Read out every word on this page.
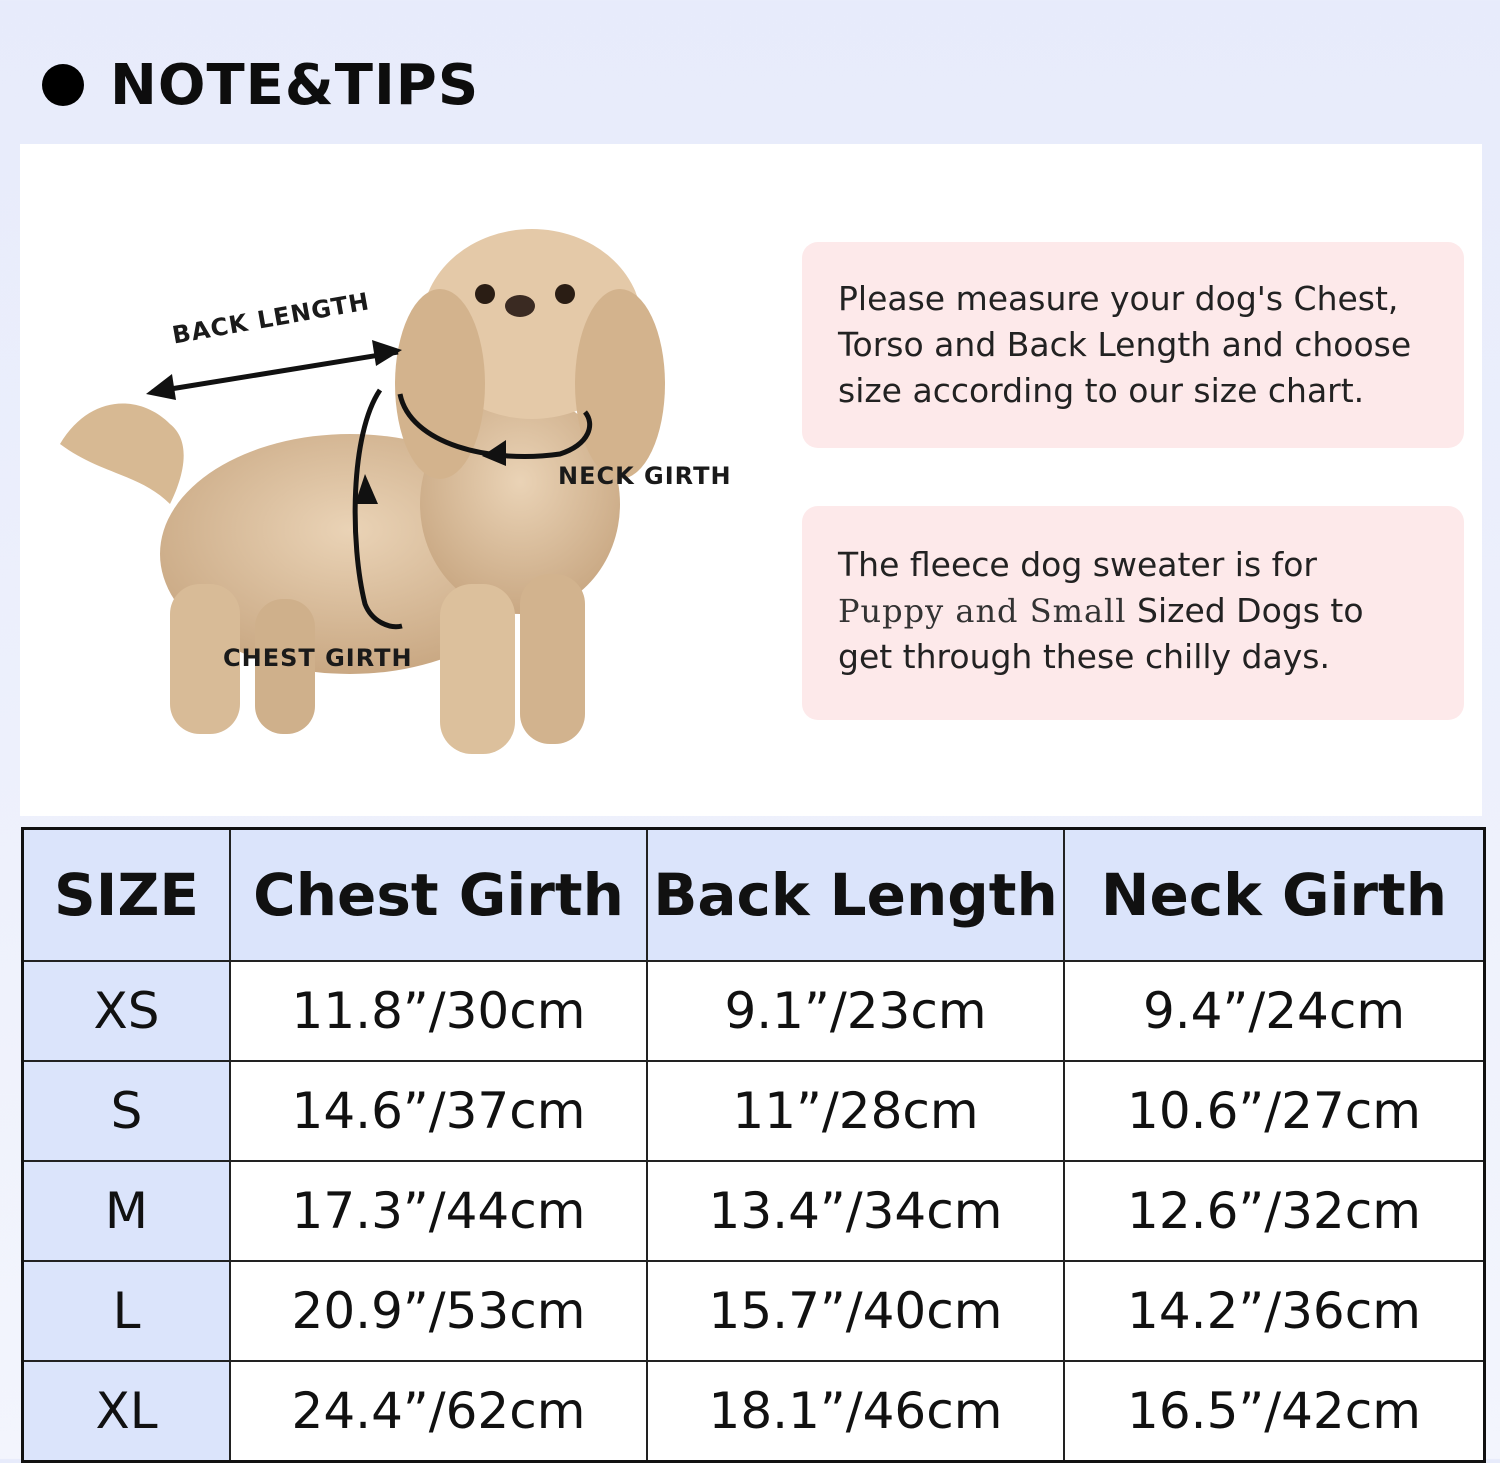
NOTE&TIPS
BACK LENGTH
NECK GIRTH
CHEST GIRTH
Please measure your dog's Chest,
Torso and Back Length and choose
size according to our size chart.
The fleece dog sweater is for
Puppy and Small Sized Dogs to
get through these chilly days.
SIZE	Chest Girth	Back Length	Neck Girth
XS	11.8”/30cm	9.1”/23cm	9.4”/24cm
S	14.6”/37cm	11”/28cm	10.6”/27cm
M	17.3”/44cm	13.4”/34cm	12.6”/32cm
L	20.9”/53cm	15.7”/40cm	14.2”/36cm
XL	24.4”/62cm	18.1”/46cm	16.5”/42cm
